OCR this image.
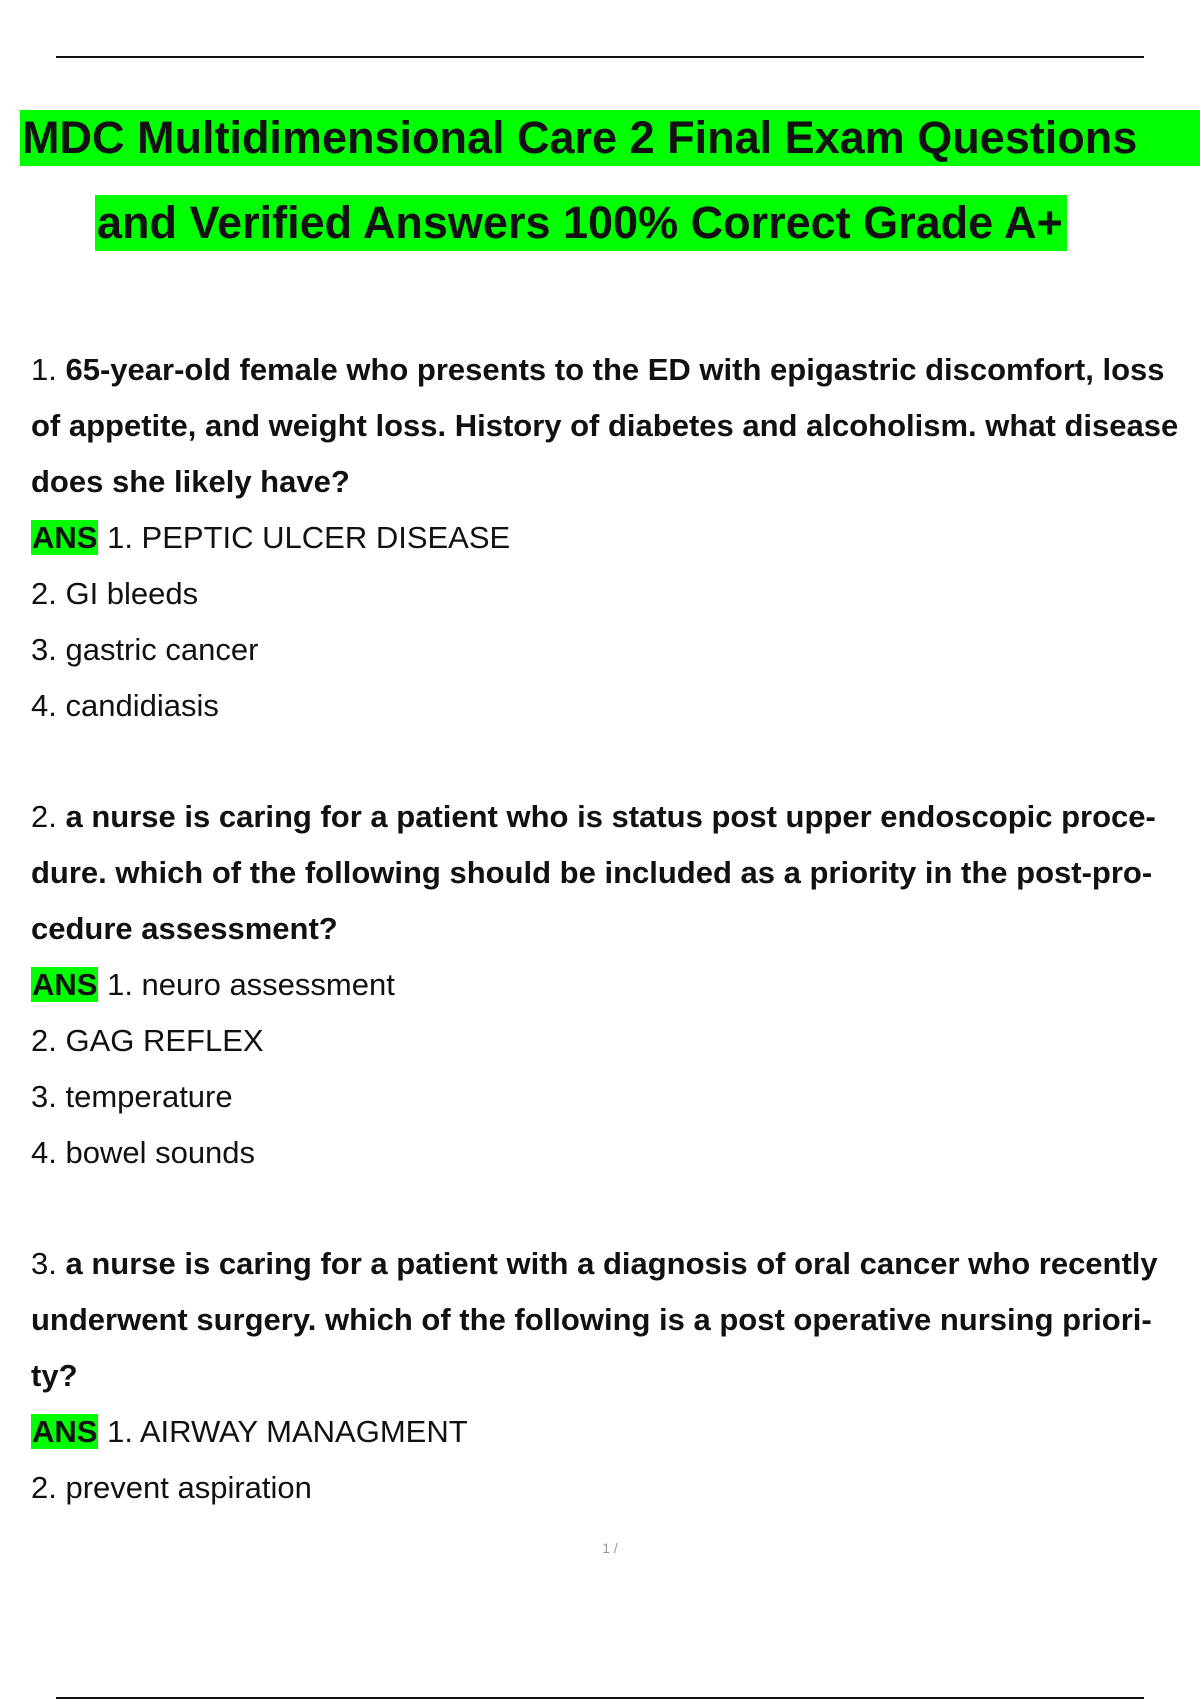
MDC Multidimensional Care 2 Final Exam Questions
and Verified Answers 100% Correct Grade A+
1. 65-year-old female who presents to the ED with epigastric discomfort, loss
of appetite, and weight loss. History of diabetes and alcoholism. what disease
does she likely have?
ANS 1. PEPTIC ULCER DISEASE
2. GI bleeds
3. gastric cancer
4. candidiasis
2. a nurse is caring for a patient who is status post upper endoscopic proce-
dure. which of the following should be included as a priority in the post-pro-
cedure assessment?
ANS 1. neuro assessment
2. GAG REFLEX
3. temperature
4. bowel sounds
3. a nurse is caring for a patient with a diagnosis of oral cancer who recently
underwent surgery. which of the following is a post operative nursing priori-
ty?
ANS 1. AIRWAY MANAGMENT
2. prevent aspiration
1 /
